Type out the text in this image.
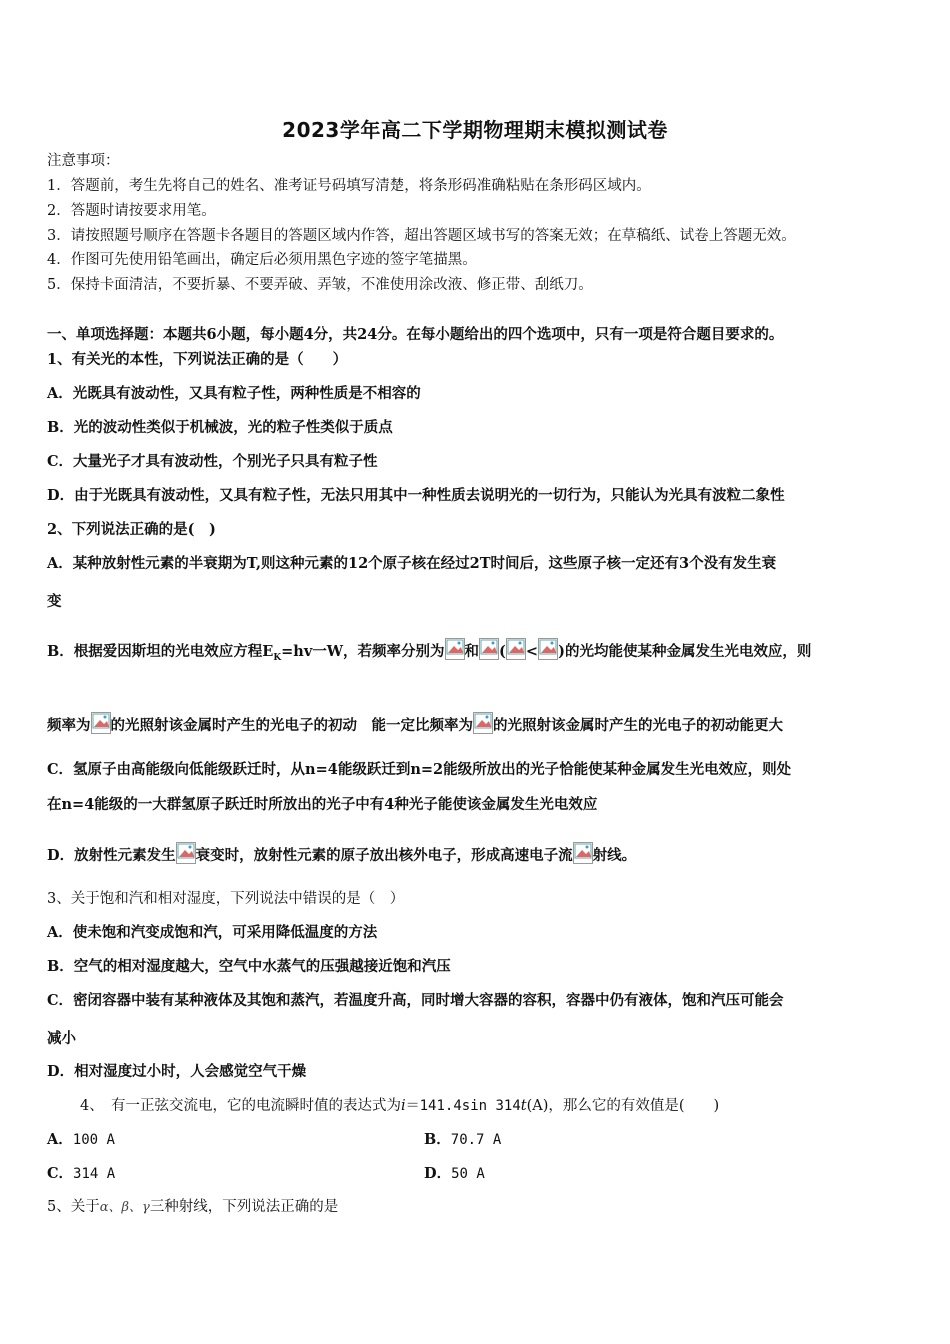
2023学年高二下学期物理期末模拟测试卷
注意事项：
1．答题前，考生先将自己的姓名、准考证号码填写清楚，将条形码准确粘贴在条形码区域内。
2．答题时请按要求用笔。
3．请按照题号顺序在答题卡各题目的答题区域内作答，超出答题区域书写的答案无效；在草稿纸、试卷上答题无效。
4．作图可先使用铅笔画出，确定后必须用黑色字迹的签字笔描黑。
5．保持卡面清洁，不要折暴、不要弄破、弄皱，不准使用涂改液、修正带、刮纸刀。
一、单项选择题：本题共6小题，每小题4分，共24分。在每小题给出的四个选项中，只有一项是符合题目要求的。
1、有关光的本性，下列说法正确的是（　　）
A．光既具有波动性，又具有粒子性，两种性质是不相容的
B．光的波动性类似于机械波，光的粒子性类似于质点
C．大量光子才具有波动性，个别光子只具有粒子性
D．由于光既具有波动性，又具有粒子性，无法只用其中一种性质去说明光的一切行为，只能认为光具有波粒二象性
2、下列说法正确的是(　)
A．某种放射性元素的半衰期为T,则这种元素的12个原子核在经过2T时间后，这些原子核一定还有3个没有发生衰
变
B．根据爱因斯坦的光电效应方程$E_K=hv$一W，若频率分别为 和 ( < )的光均能使某种金属发生光电效应，则
频率为 的光照射该金属时产生的光电子的初动　能一定比频率为 的光照射该金属时产生的光电子的初动能更大
C．氢原子由高能级向低能级跃迁时，从n=4能级跃迁到n=2能级所放出的光子恰能使某种金属发生光电效应，则处
在n=4能级的一大群氢原子跃迁时所放出的光子中有4种光子能使该金属发生光电效应
D．放射性元素发生 衰变时，放射性元素的原子放出核外电子，形成高速电子流 射线。
3、关于饱和汽和相对湿度，下列说法中错误的是（　）
A．使未饱和汽变成饱和汽，可采用降低温度的方法
B．空气的相对湿度越大，空气中水蒸气的压强越接近饱和汽压
C．密闭容器中装有某种液体及其饱和蒸汽，若温度升高，同时增大容器的容积，容器中仍有液体，饱和汽压可能会
减小
D．相对湿度过小时，人会感觉空气干燥
4、　有一正弦交流电，它的电流瞬时值的表达式为i＝141.4sin 314t(A)，那么它的有效值是(　　)
A．100 A	B．70.7 A
C．314 A	D．50 A
5、关于α、β、γ三种射线，下列说法正确的是
